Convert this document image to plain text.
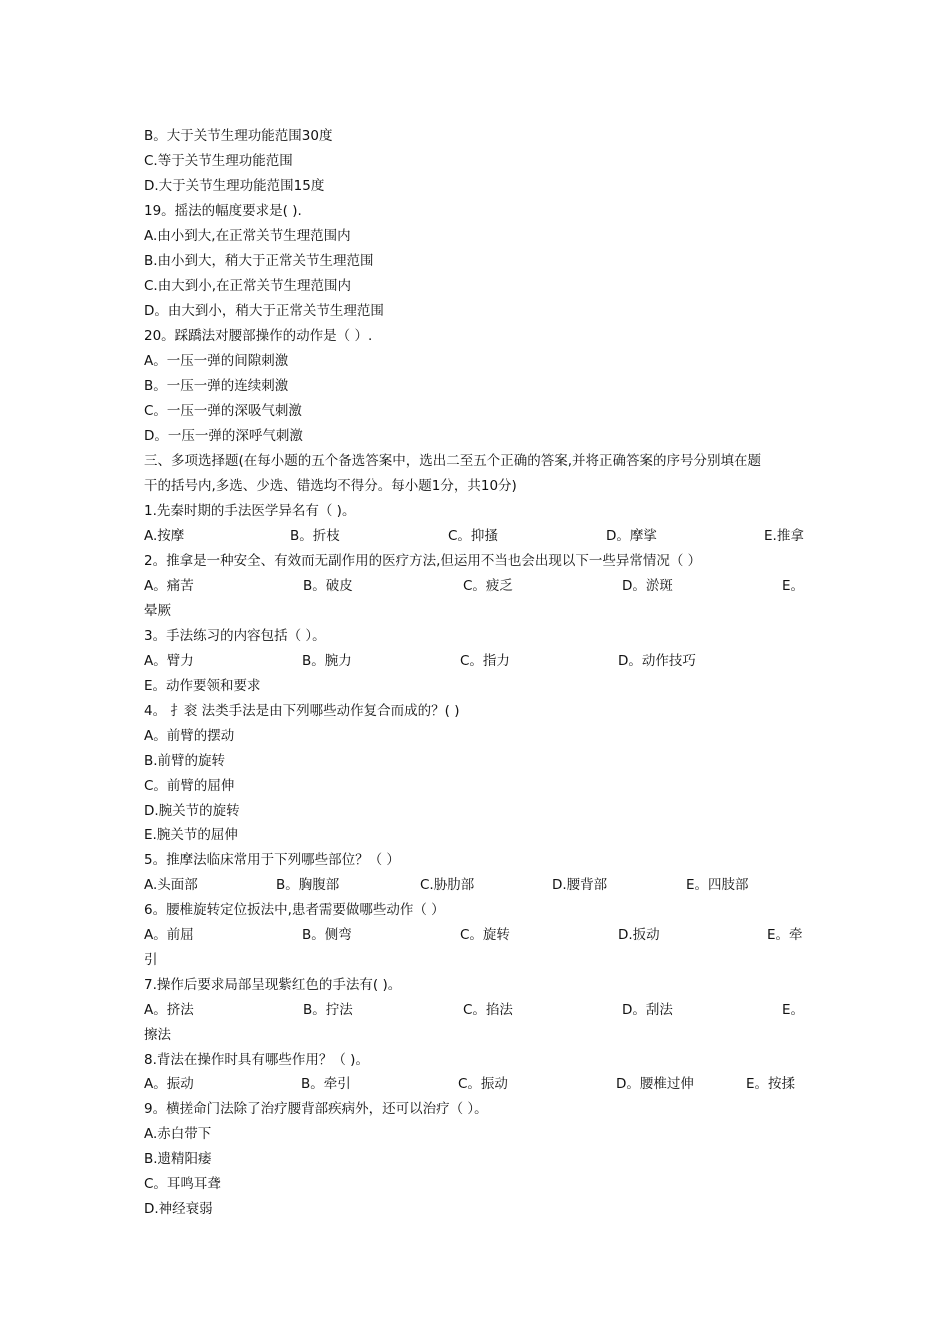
B。大于关节生理功能范围30度
C.等于关节生理功能范围
D.大于关节生理功能范围15度
19。摇法的幅度要求是( ).
A.由小到大,在正常关节生理范围内
B.由小到大，稍大于正常关节生理范围
C.由大到小,在正常关节生理范围内
D。由大到小，稍大于正常关节生理范围
20。踩蹻法对腰部操作的动作是（ ）.
A。一压一弹的间隙刺激
B。一压一弹的连续刺激
C。一压一弹的深吸气刺激
D。一压一弹的深呼气刺激
三、多项选择题(在每小题的五个备选答案中，选出二至五个正确的答案,并将正确答案的序号分别填在题
干的括号内,多选、少选、错选均不得分。每小题1分，共10分)
1.先秦时期的手法医学异名有（ )。
A.按摩	B。折枝	C。抑搔	D。摩挲	E.推拿
2。推拿是一种安全、有效而无副作用的医疗方法,但运用不当也会出现以下一些异常情况（ ）
A。痛苦	B。破皮	C。疲乏	D。淤斑	E。
晕厥
3。手法练习的内容包括（ ）。
A。臂力	B。腕力	C。指力	D。动作技巧
E。动作要领和要求
4。 扌衮 法类手法是由下列哪些动作复合而成的？( )
A。前臂的摆动
B.前臂的旋转
C。前臂的屈伸
D.腕关节的旋转
E.腕关节的屈伸
5。推摩法临床常用于下列哪些部位？（ ）
A.头面部	B。胸腹部	C.胁肋部	D.腰背部	E。四肢部
6。腰椎旋转定位扳法中,患者需要做哪些动作（ ）
A。前屈	B。侧弯	C。旋转	D.扳动	E。牵
引
7.操作后要求局部呈现紫红色的手法有( )。
A。挤法	B。拧法	C。掐法	D。刮法	E。
擦法
8.背法在操作时具有哪些作用？（ )。
A。振动	B。牵引	C。振动	D。腰椎过伸	E。按揉
9。横搓命门法除了治疗腰背部疾病外，还可以治疗（ ）。
A.赤白带下
B.遗精阳痿
C。耳鸣耳聋
D.神经衰弱
